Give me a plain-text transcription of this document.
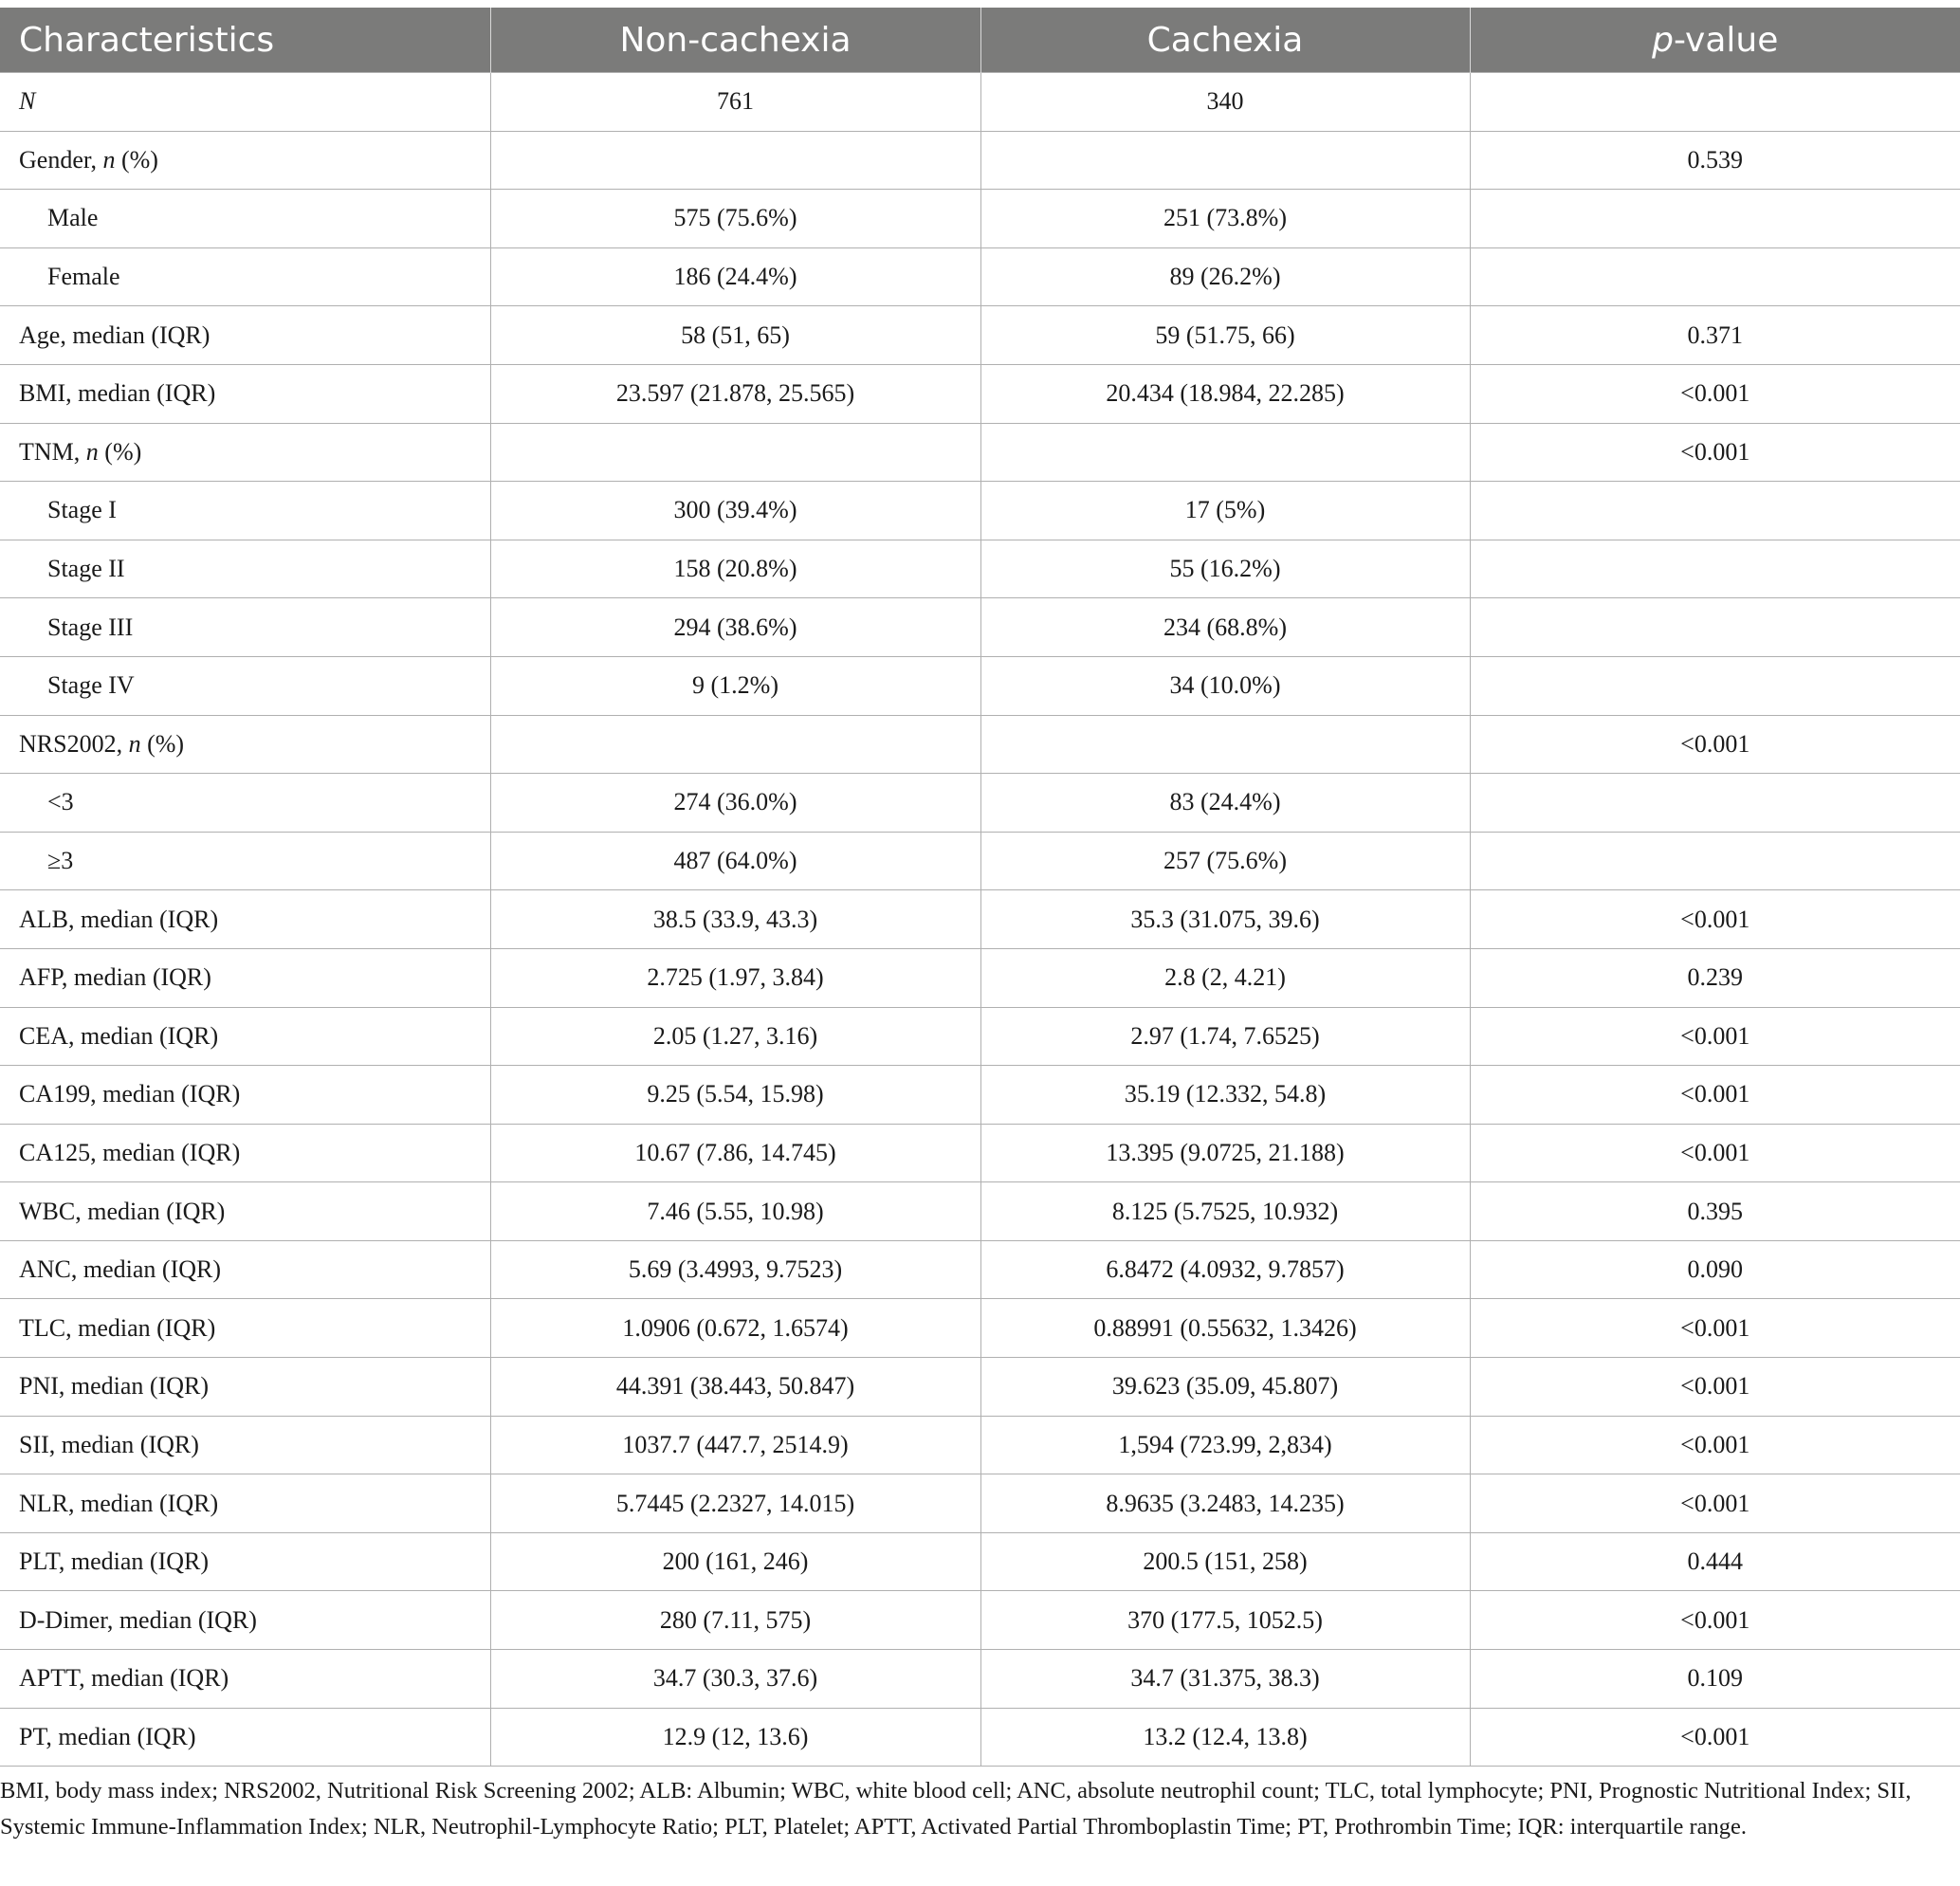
Characteristics	Non-cachexia	Cachexia	p-value
N	761	340	
Gender, n (%)			0.539
Male	575 (75.6%)	251 (73.8%)	
Female	186 (24.4%)	89 (26.2%)	
Age, median (IQR)	58 (51, 65)	59 (51.75, 66)	0.371
BMI, median (IQR)	23.597 (21.878, 25.565)	20.434 (18.984, 22.285)	<0.001
TNM, n (%)			<0.001
Stage I	300 (39.4%)	17 (5%)	
Stage II	158 (20.8%)	55 (16.2%)	
Stage III	294 (38.6%)	234 (68.8%)	
Stage IV	9 (1.2%)	34 (10.0%)	
NRS2002, n (%)			<0.001
<3	274 (36.0%)	83 (24.4%)	
≥3	487 (64.0%)	257 (75.6%)	
ALB, median (IQR)	38.5 (33.9, 43.3)	35.3 (31.075, 39.6)	<0.001
AFP, median (IQR)	2.725 (1.97, 3.84)	2.8 (2, 4.21)	0.239
CEA, median (IQR)	2.05 (1.27, 3.16)	2.97 (1.74, 7.6525)	<0.001
CA199, median (IQR)	9.25 (5.54, 15.98)	35.19 (12.332, 54.8)	<0.001
CA125, median (IQR)	10.67 (7.86, 14.745)	13.395 (9.0725, 21.188)	<0.001
WBC, median (IQR)	7.46 (5.55, 10.98)	8.125 (5.7525, 10.932)	0.395
ANC, median (IQR)	5.69 (3.4993, 9.7523)	6.8472 (4.0932, 9.7857)	0.090
TLC, median (IQR)	1.0906 (0.672, 1.6574)	0.88991 (0.55632, 1.3426)	<0.001
PNI, median (IQR)	44.391 (38.443, 50.847)	39.623 (35.09, 45.807)	<0.001
SII, median (IQR)	1037.7 (447.7, 2514.9)	1,594 (723.99, 2,834)	<0.001
NLR, median (IQR)	5.7445 (2.2327, 14.015)	8.9635 (3.2483, 14.235)	<0.001
PLT, median (IQR)	200 (161, 246)	200.5 (151, 258)	0.444
D-Dimer, median (IQR)	280 (7.11, 575)	370 (177.5, 1052.5)	<0.001
APTT, median (IQR)	34.7 (30.3, 37.6)	34.7 (31.375, 38.3)	0.109
PT, median (IQR)	12.9 (12, 13.6)	13.2 (12.4, 13.8)	<0.001

BMI, body mass index; NRS2002, Nutritional Risk Screening 2002; ALB: Albumin; WBC, white blood cell; ANC, absolute neutrophil count; TLC, total lymphocyte; PNI, Prognostic Nutritional Index; SII, Systemic Immune-Inflammation Index; NLR, Neutrophil-Lymphocyte Ratio; PLT, Platelet; APTT, Activated Partial Thromboplastin Time; PT, Prothrombin Time; IQR: interquartile range.
